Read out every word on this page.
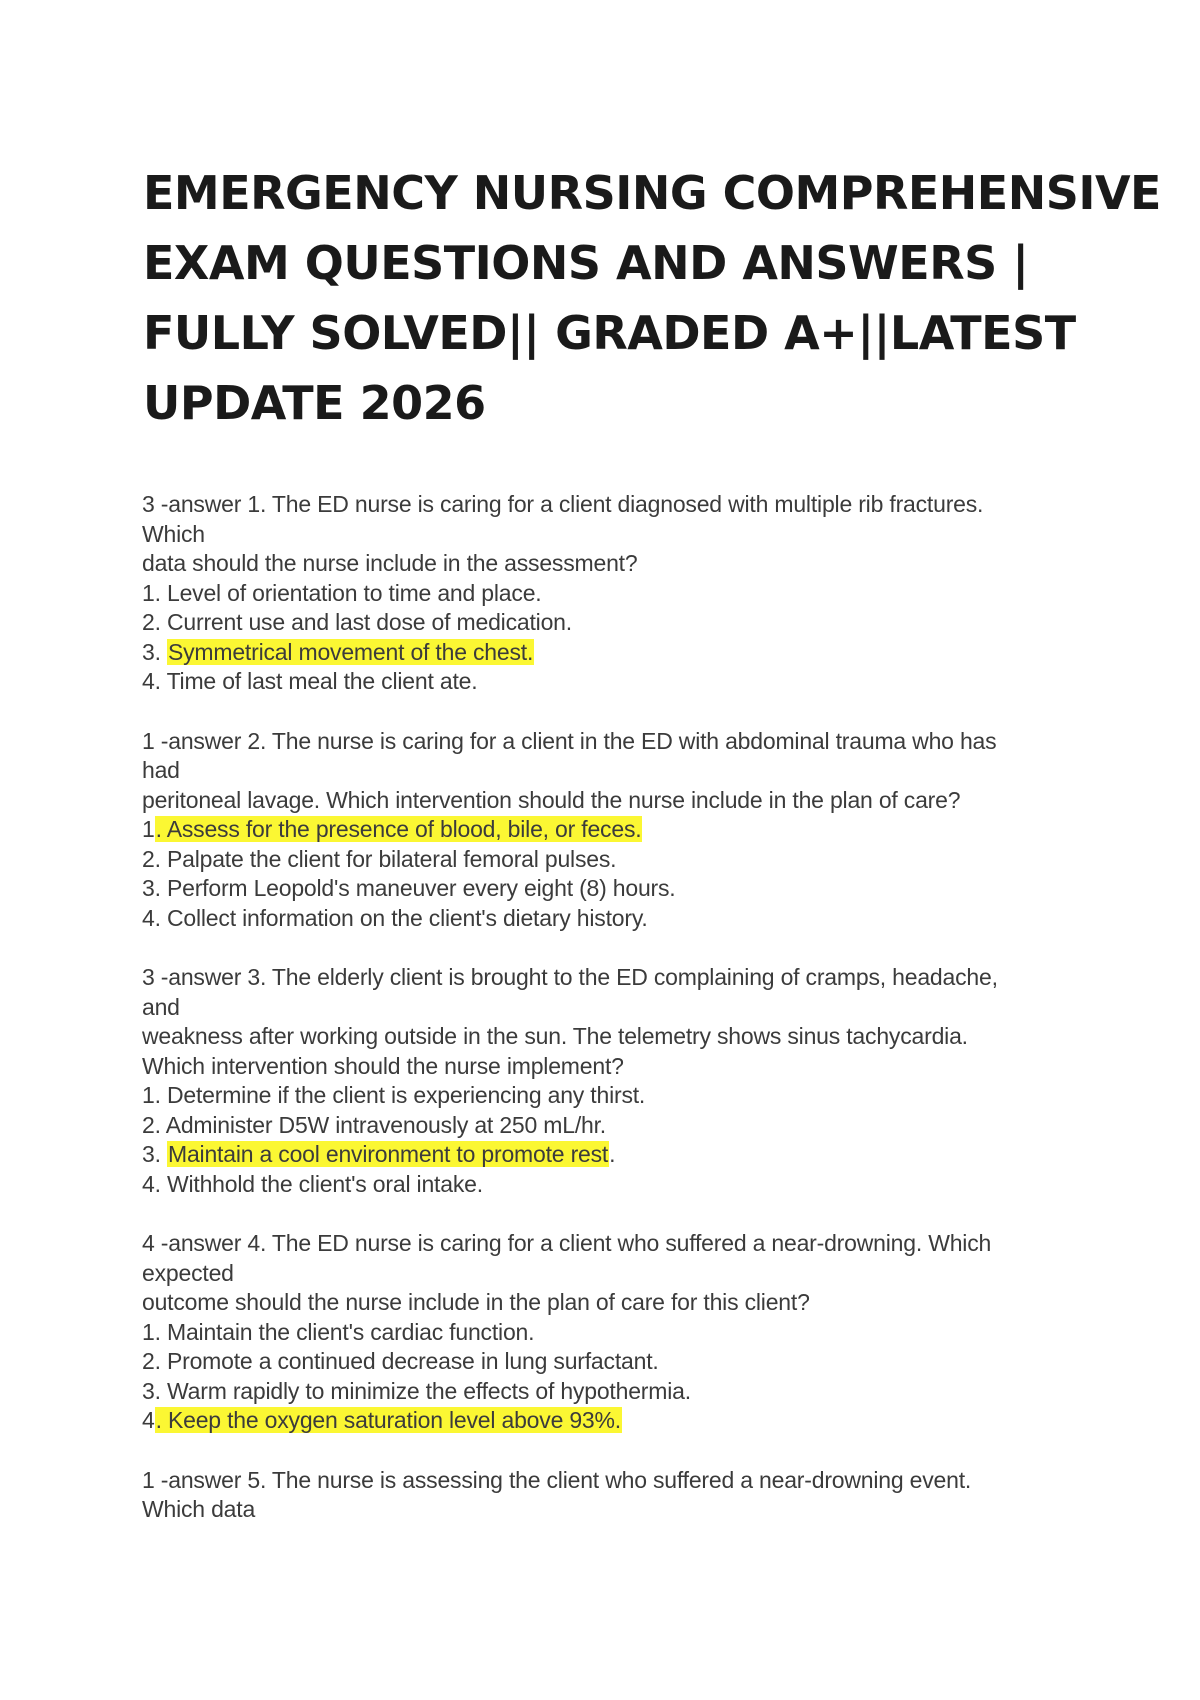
EMERGENCY NURSING COMPREHENSIVE
EXAM QUESTIONS AND ANSWERS |
FULLY SOLVED|| GRADED A+||LATEST
UPDATE 2026
3 -answer 1. The ED nurse is caring for a client diagnosed with multiple rib fractures.
Which
data should the nurse include in the assessment?
1. Level of orientation to time and place.
2. Current use and last dose of medication.
3. Symmetrical movement of the chest.
4. Time of last meal the client ate.
1 -answer 2. The nurse is caring for a client in the ED with abdominal trauma who has
had
peritoneal lavage. Which intervention should the nurse include in the plan of care?
1. Assess for the presence of blood, bile, or feces.
2. Palpate the client for bilateral femoral pulses.
3. Perform Leopold's maneuver every eight (8) hours.
4. Collect information on the client's dietary history.
3 -answer 3. The elderly client is brought to the ED complaining of cramps, headache,
and
weakness after working outside in the sun. The telemetry shows sinus tachycardia.
Which intervention should the nurse implement?
1. Determine if the client is experiencing any thirst.
2. Administer D5W intravenously at 250 mL/hr.
3. Maintain a cool environment to promote rest.
4. Withhold the client's oral intake.
4 -answer 4. The ED nurse is caring for a client who suffered a near-drowning. Which
expected
outcome should the nurse include in the plan of care for this client?
1. Maintain the client's cardiac function.
2. Promote a continued decrease in lung surfactant.
3. Warm rapidly to minimize the effects of hypothermia.
4. Keep the oxygen saturation level above 93%.
1 -answer 5. The nurse is assessing the client who suffered a near-drowning event.
Which data
